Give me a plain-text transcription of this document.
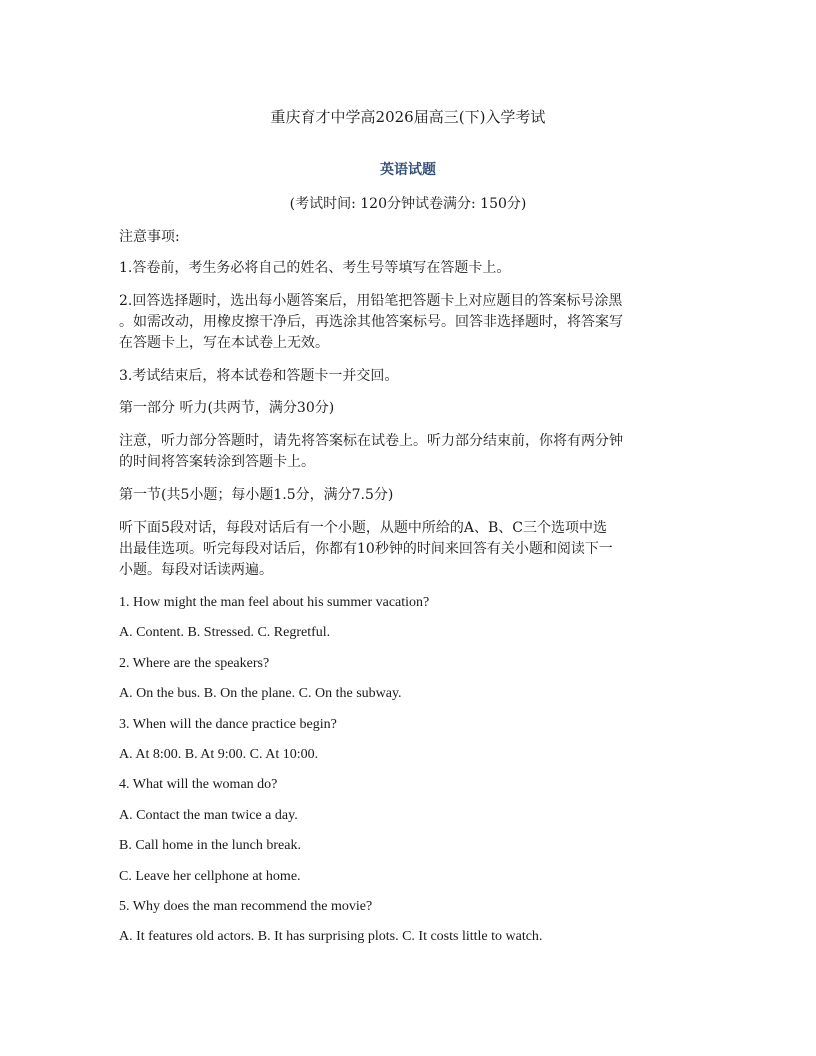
重庆育才中学高2026届高三(下)入学考试
英语试题
(考试时间: 120分钟试卷满分: 150分)
注意事项:
1.答卷前，考生务必将自己的姓名、考生号等填写在答题卡上。
2.回答选择题时，选出每小题答案后，用铅笔把答题卡上对应题目的答案标号涂黑
。如需改动，用橡皮擦干净后，再选涂其他答案标号。回答非选择题时，将答案写
在答题卡上，写在本试卷上无效。
3.考试结束后，将本试卷和答题卡一并交回。
第一部分 听力(共两节，满分30分)
注意，听力部分答题时，请先将答案标在试卷上。听力部分结束前，你将有两分钟
的时间将答案转涂到答题卡上。
第一节(共5小题；每小题1.5分，满分7.5分)
听下面5段对话，每段对话后有一个小题，从题中所给的A、B、C三个选项中选
出最佳选项。听完每段对话后，你都有10秒钟的时间来回答有关小题和阅读下一
小题。每段对话读两遍。
1. How might the man feel about his summer vacation?
A. Content. B. Stressed. C. Regretful.
2. Where are the speakers?
A. On the bus. B. On the plane. C. On the subway.
3. When will the dance practice begin?
A. At 8:00. B. At 9:00. C. At 10:00.
4. What will the woman do?
A. Contact the man twice a day.
B. Call home in the lunch break.
C. Leave her cellphone at home.
5. Why does the man recommend the movie?
A. It features old actors. B. It has surprising plots. C. It costs little to watch.
